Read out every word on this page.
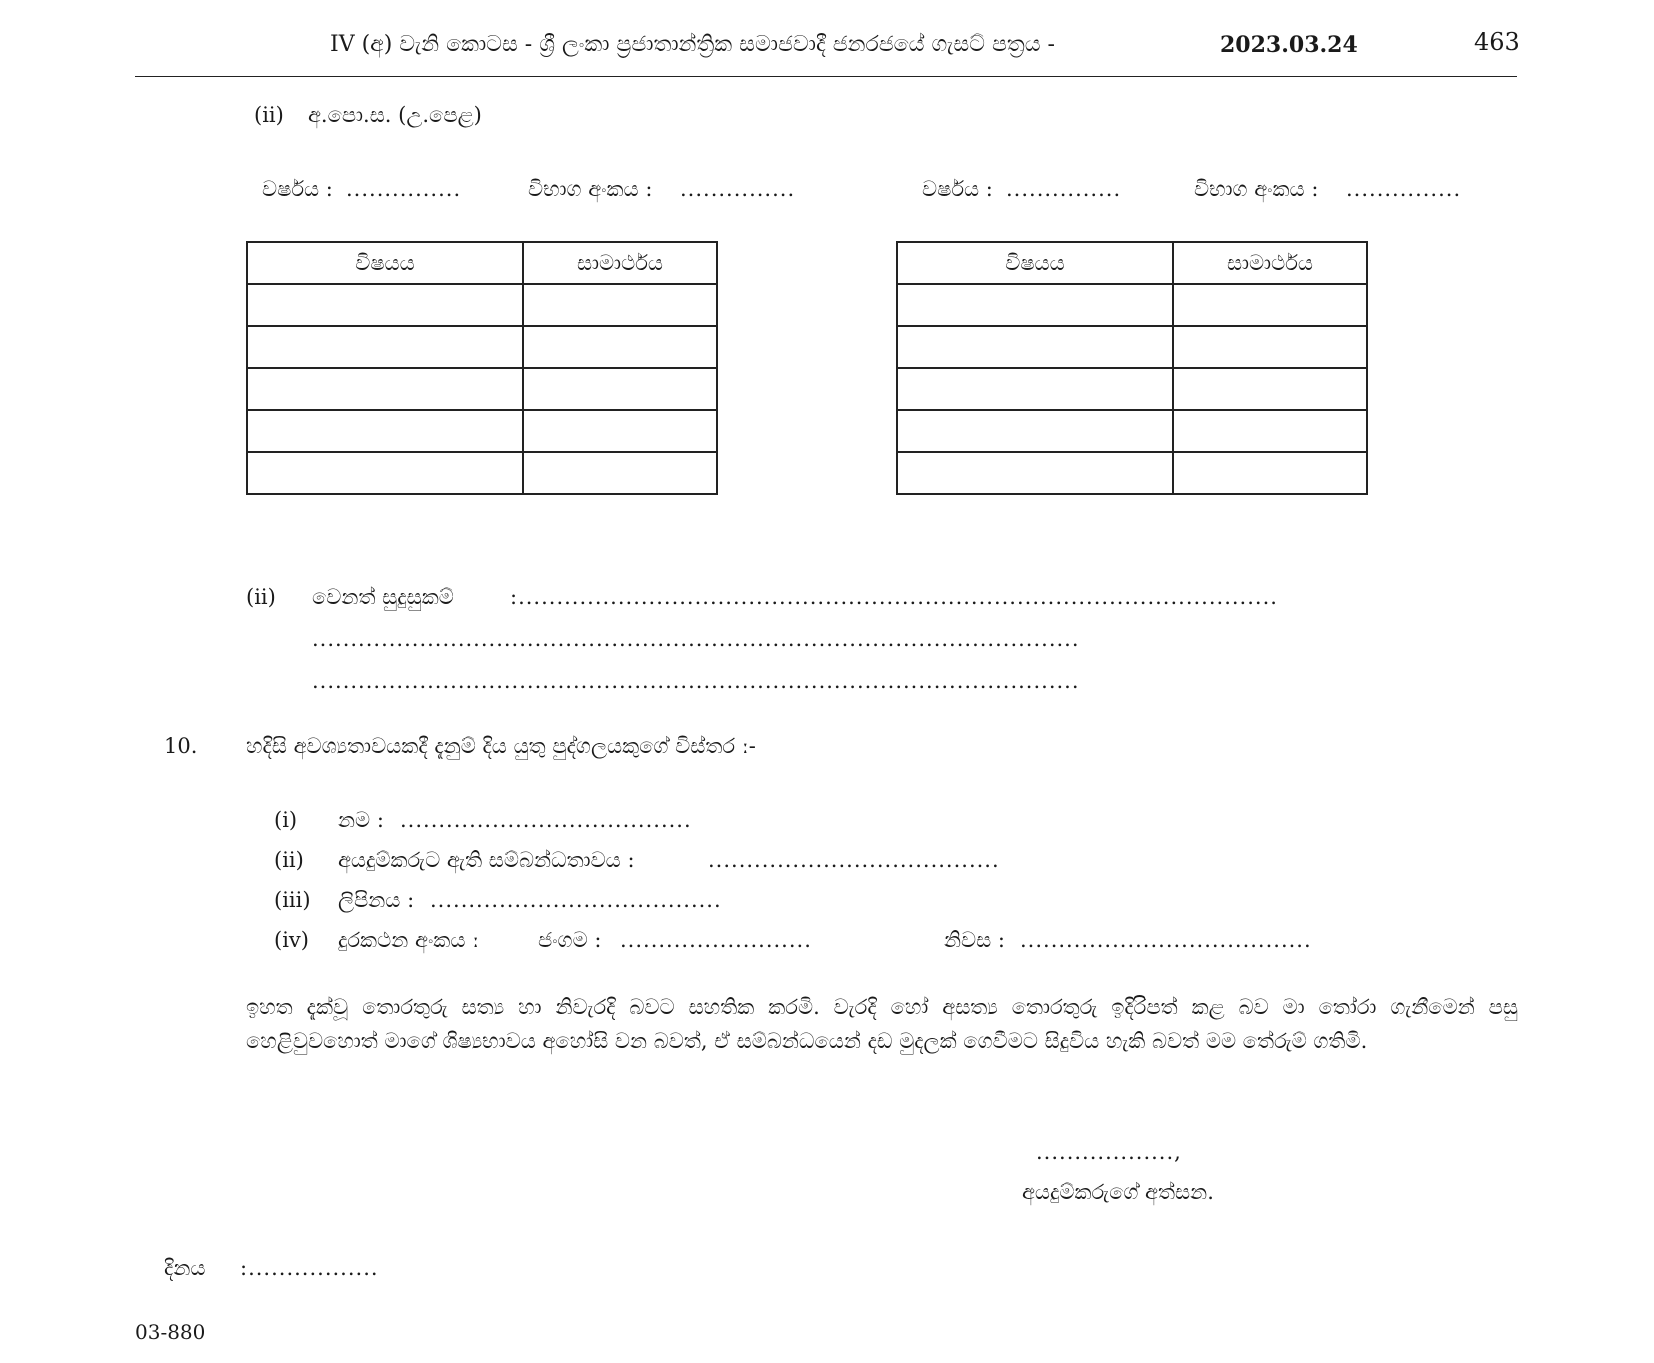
IV (අ) වැනි කොටස - ශ්‍රී ලංකා ප්‍රජාතාන්ත්‍රික සමාජවාදී ජනරජයේ ගැසට් පත්‍රය -	2023.03.24	463
(ii) අ.පො.ස. (උ.පෙළ)
වර්ෂය : ...............	විභාග අංකය : ...............	වර්ෂය : ...............	විභාග අංකය : ...............
විෂයය	සාමාර්ථය

		විෂයය	සාමාර්ථය

(ii) වෙනත් සුදුසුකම්	:...................................................................................................
....................................................................................................
....................................................................................................
10. හදිසි අවශ්‍යතාවයකදී දැනුම් දිය යුතු පුද්ගලයකුගේ විස්තර ː-
(i) නම : ......................................
(ii) අයදුම්කරුට ඇති සම්බන්ධතාවය :	......................................
(iii) ලිපිනය : ......................................
(iv) දුරකථන අංකය ː	ජංගම : .........................	නිවස : ......................................
ඉහත දැක්වූ තොරතුරු සත්‍ය හා නිවැරදි බවට සහතික කරමි. වැරදි හෝ අසත්‍ය තොරතුරු ඉදිරිපත් කළ බව මා තෝරා ගැනීමෙන් පසු හෙළිවුවහොත් මාගේ ශිෂ්‍යභාවය අහෝසි වන බවත්, ඒ සම්බන්ධයෙන් දඩ මුදලක් ගෙවීමට සිදුවිය හැකි බවත් මම තේරුම් ගතිමි.
..................,
අයදුම්කරුගේ අත්සන.
දිනය :.................
03-880
